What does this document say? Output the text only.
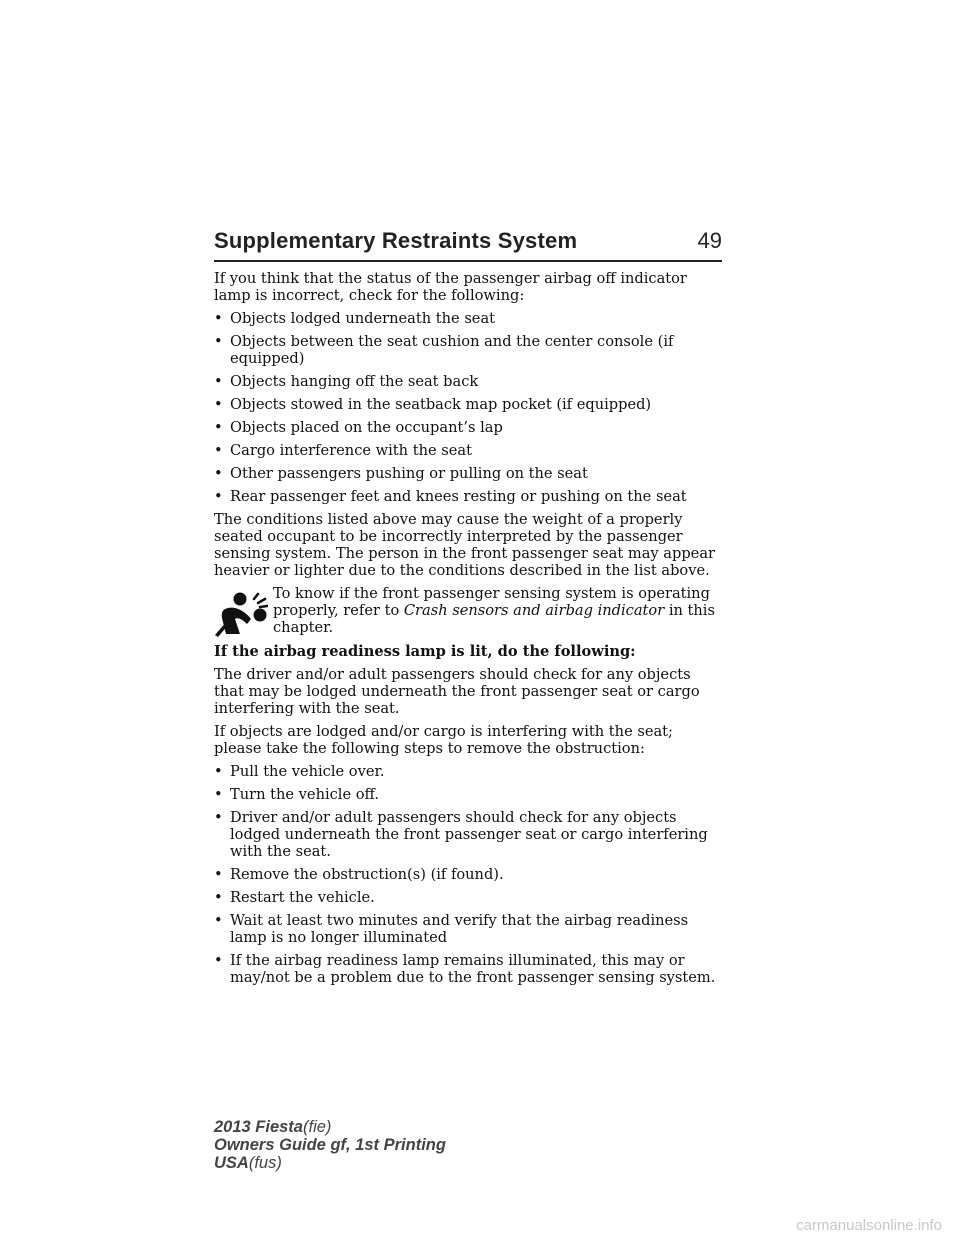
Supplementary Restraints System	49

If you think that the status of the passenger airbag off indicator lamp is incorrect, check for the following:

• Objects lodged underneath the seat
• Objects between the seat cushion and the center console (if equipped)
• Objects hanging off the seat back
• Objects stowed in the seatback map pocket (if equipped)
• Objects placed on the occupant’s lap
• Cargo interference with the seat
• Other passengers pushing or pulling on the seat
• Rear passenger feet and knees resting or pushing on the seat

The conditions listed above may cause the weight of a properly seated occupant to be incorrectly interpreted by the passenger sensing system. The person in the front passenger seat may appear heavier or lighter due to the conditions described in the list above.

To know if the front passenger sensing system is operating properly, refer to Crash sensors and airbag indicator in this chapter.

If the airbag readiness lamp is lit, do the following:

The driver and/or adult passengers should check for any objects that may be lodged underneath the front passenger seat or cargo interfering with the seat.

If objects are lodged and/or cargo is interfering with the seat; please take the following steps to remove the obstruction:

• Pull the vehicle over.
• Turn the vehicle off.
• Driver and/or adult passengers should check for any objects lodged underneath the front passenger seat or cargo interfering with the seat.
• Remove the obstruction(s) (if found).
• Restart the vehicle.
• Wait at least two minutes and verify that the airbag readiness lamp is no longer illuminated
• If the airbag readiness lamp remains illuminated, this may or may/not be a problem due to the front passenger sensing system.
2013 Fiesta(fie)
Owners Guide gf, 1st Printing
USA(fus)
carmanualsonline.info
